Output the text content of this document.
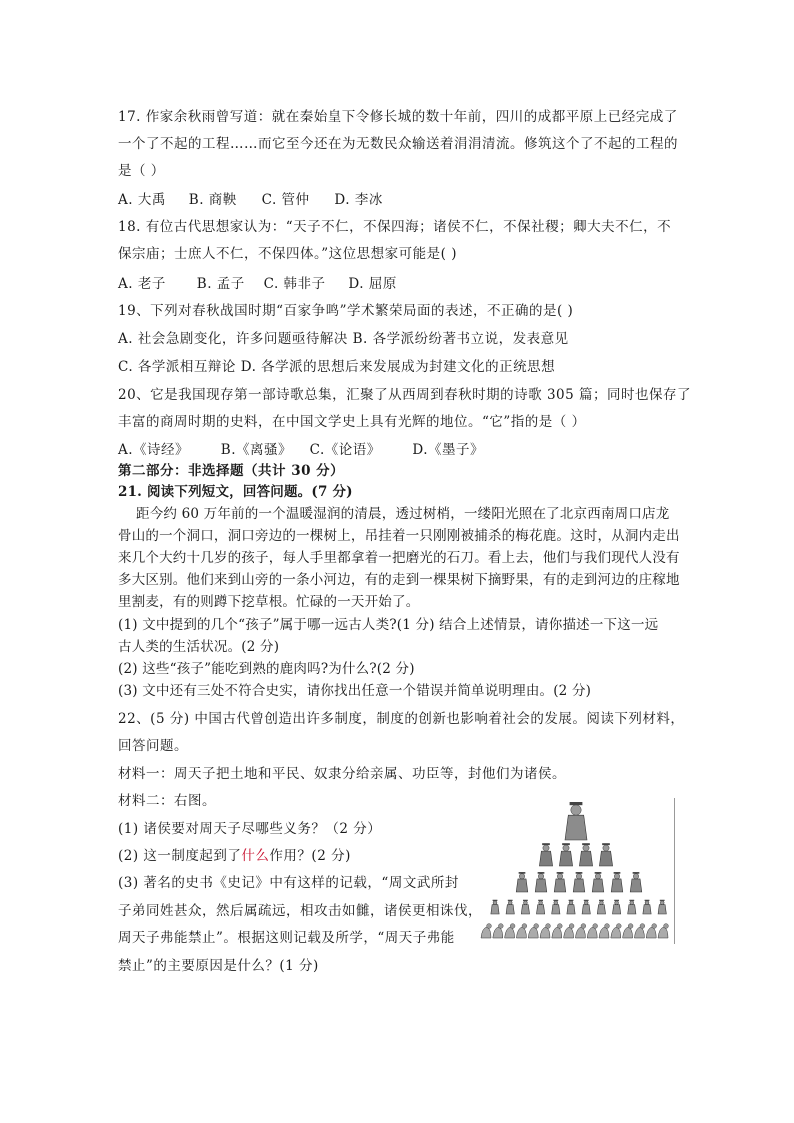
17. 作家余秋雨曾写道：就在秦始皇下令修长城的数十年前，四川的成都平原上已经完成了
一个了不起的工程……而它至今还在为无数民众输送着涓涓清流。修筑这个了不起的工程的
是（ ）
A. 大禹 B. 商鞅 C. 管仲 D. 李冰
18. 有位古代思想家认为：“天子不仁，不保四海；诸侯不仁，不保社稷；卿大夫不仁，不
保宗庙；士庶人不仁，不保四体。”这位思想家可能是( )
A. 老子 B. 孟子 C. 韩非子 D. 屈原
19、下列对春秋战国时期“百家争鸣”学术繁荣局面的表述，不正确的是( )
A. 社会急剧变化，许多问题亟待解决 B. 各学派纷纷著书立说，发表意见
C. 各学派相互辩论 D. 各学派的思想后来发展成为封建文化的正统思想
20、它是我国现存第一部诗歌总集，汇聚了从西周到春秋时期的诗歌 305 篇；同时也保存了
丰富的商周时期的史料，在中国文学史上具有光辉的地位。“它”指的是（ ）
A.《诗经》 B.《离骚》 C.《论语》 D.《墨子》
第二部分：非选择题（共计 30 分）
21. 阅读下列短文，回答问题。(7 分)
距今约 60 万年前的一个温暖湿润的清晨，透过树梢，一缕阳光照在了北京西南周口店龙
骨山的一个洞口，洞口旁边的一棵树上，吊挂着一只刚刚被捕杀的梅花鹿。这时，从洞内走出
来几个大约十几岁的孩子，每人手里都拿着一把磨光的石刀。看上去，他们与我们现代人没有
多大区别。他们来到山旁的一条小河边，有的走到一棵果树下摘野果，有的走到河边的庄稼地
里割麦，有的则蹲下挖草根。忙碌的一天开始了。
(1) 文中提到的几个“孩子”属于哪一远古人类?(1 分) 结合上述情景，请你描述一下这一远
古人类的生活状况。(2 分)
(2) 这些“孩子”能吃到熟的鹿肉吗?为什么?(2 分)
(3) 文中还有三处不符合史实，请你找出任意一个错误并简单说明理由。(2 分)
22、(5 分) 中国古代曾创造出许多制度，制度的创新也影响着社会的发展。阅读下列材料，
回答问题。
材料一：周天子把土地和平民、奴隶分给亲属、功臣等，封他们为诸侯。
材料二：右图。
(1) 诸侯要对周天子尽哪些义务？（2 分）
(2) 这一制度起到了什么作用？(2 分)
(3) 著名的史书《史记》中有这样的记载，“周文武所封
子弟同姓甚众，然后属疏远，相攻击如雠，诸侯更相诛伐，
周天子弗能禁止”。根据这则记载及所学，“周天子弗能
禁止”的主要原因是什么？(1 分)
